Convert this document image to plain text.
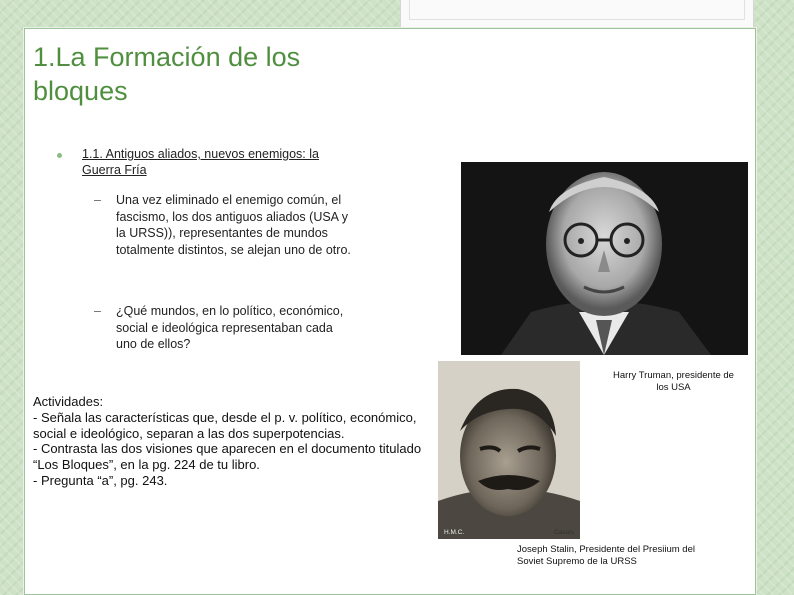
1.La Formación de los
bloques
1.1. Antiguos aliados, nuevos enemigos: la Guerra Fría
– Una vez eliminado el enemigo común, el fascismo, los dos antiguos aliados (USA y la URSS)), representantes de mundos totalmente distintos, se alejan uno de otro.
– ¿Qué mundos, en lo político, económico, social e ideológica representaban cada uno de ellos?
Harry Truman, presidente de los USA
H.M.C.	Casals
Joseph Stalin, Presidente del Presiium del Soviet Supremo de la URSS
Actividades:
- Señala las características que, desde el p. v. político, económico, social e ideológico, separan a las dos superpotencias.
- Contrasta las dos visiones que aparecen en el documento titulado “Los Bloques”, en la pg. 224 de tu libro.
- Pregunta “a”, pg. 243.
